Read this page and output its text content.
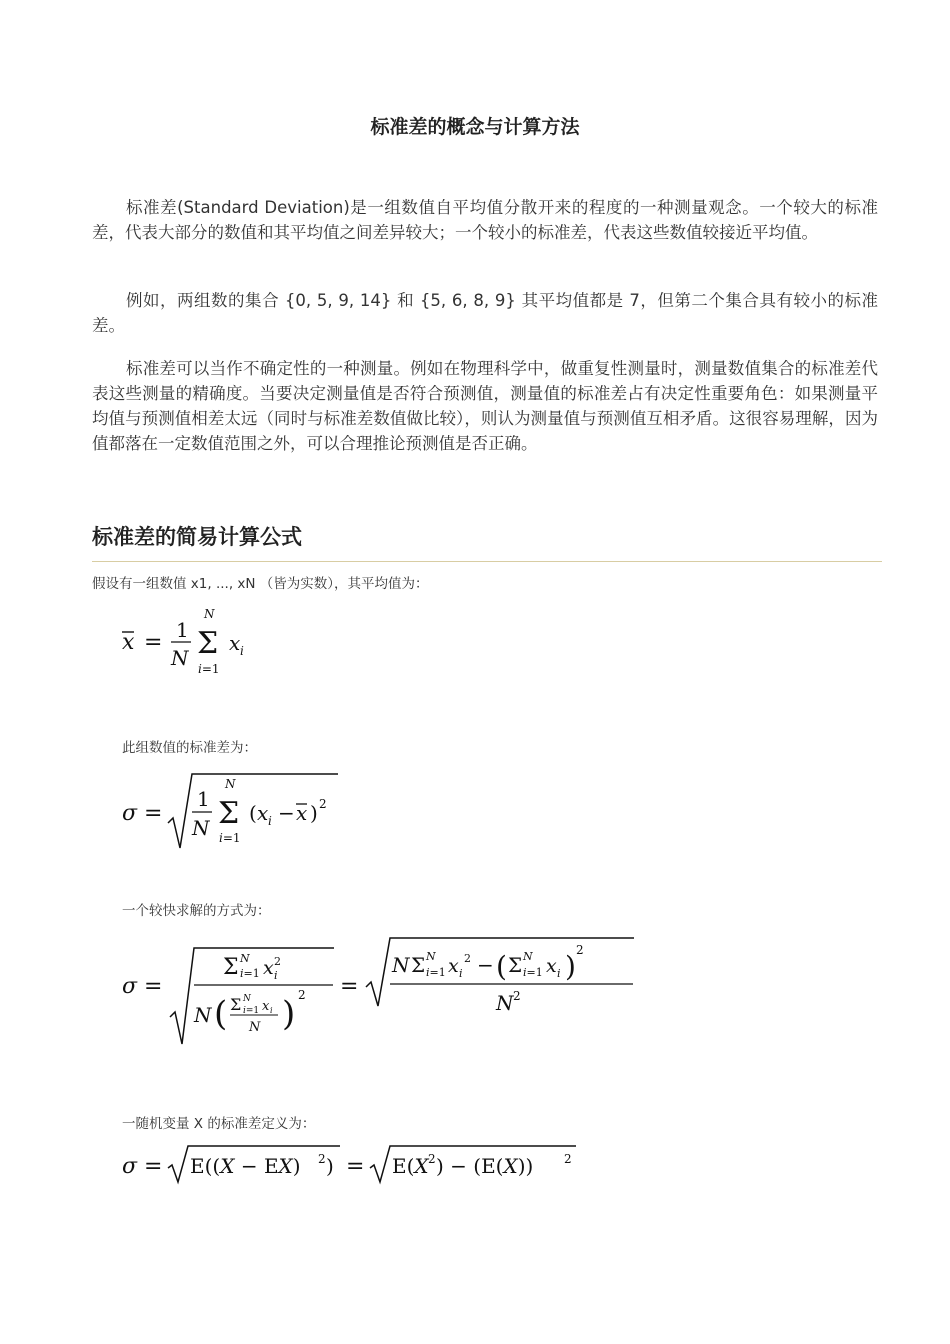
标准差的概念与计算方法

标准差(Standard Deviation)是一组数值自平均值分散开来的程度的一种测量观念。一个较大的标准差，代表大部分的数值和其平均值之间差异较大；一个较小的标准差，代表这些数值较接近平均值。

例如，两组数的集合 {0, 5, 9, 14} 和 {5, 6, 8, 9} 其平均值都是 7，但第二个集合具有较小的标准差。

标准差可以当作不确定性的一种测量。例如在物理科学中，做重复性测量时，测量数值集合的标准差代表这些测量的精确度。当要决定测量值是否符合预测值，测量值的标准差占有决定性重要角色：如果测量平均值与预测值相差太远（同时与标准差数值做比较），则认为测量值与预测值互相矛盾。这很容易理解，因为值都落在一定数值范围之外，可以合理推论预测值是否正确。

标准差的简易计算公式
假设有一组数值 x1, ..., xN （皆为实数），其平均值为：
x = 1
N
N
Σ
i=1
x i
此组数值的标准差为：
σ =
1
N
N
Σ
i=1
( x i − x ) 2
一个较快求解的方式为：
σ =
Σ N
i=1 x 2
i
N ( Σ N
i=1 x i
N ) 2 =
N Σ N
i=1 x i
2 − ( Σ N
i=1 x i ) 2
N 2
一随机变量 X 的标准差定义为：
σ = E((X − EX) 2 ) = E(X 2 ) − (E(X))	2
